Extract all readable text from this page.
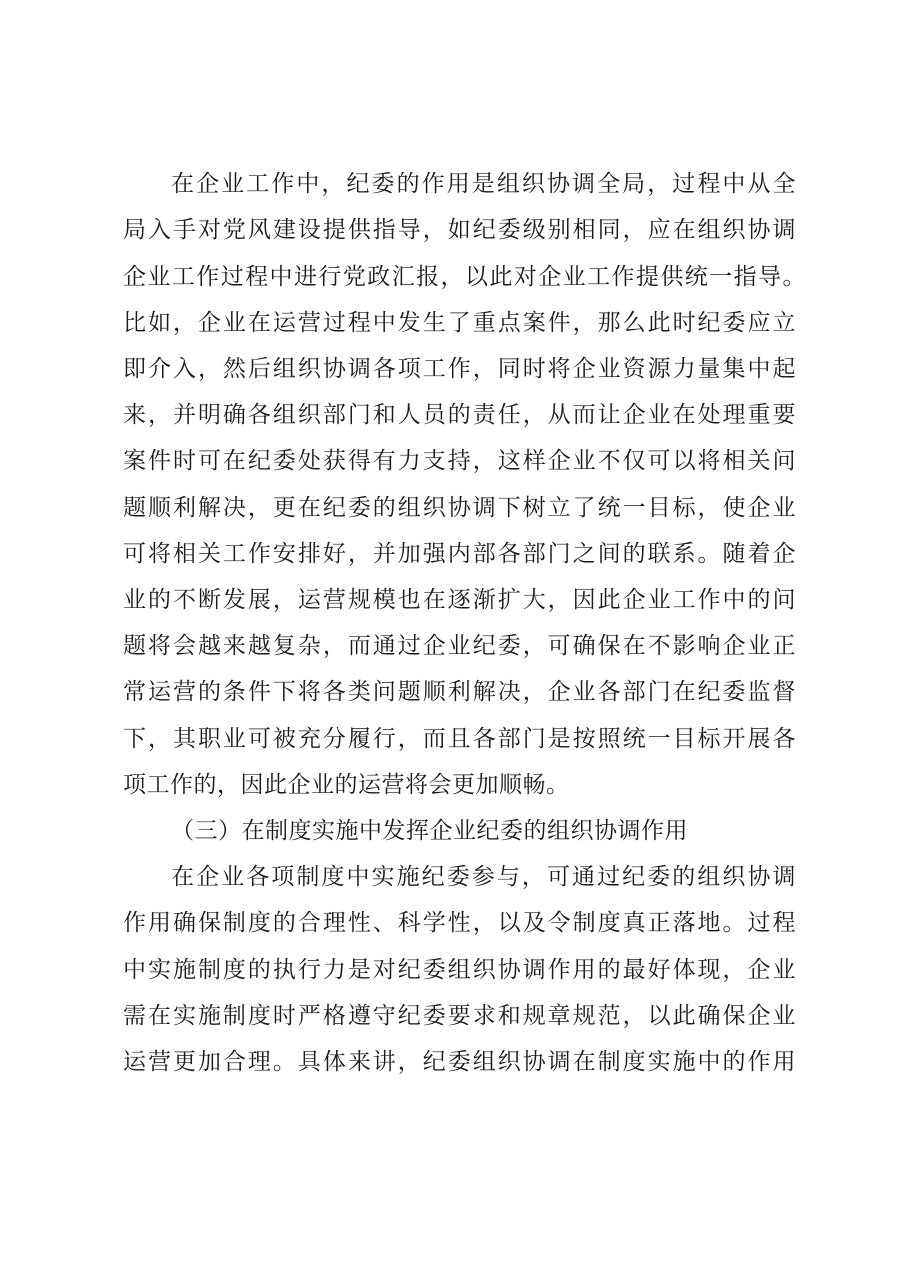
在企业工作中，纪委的作用是组织协调全局，过程中从全
局入手对党风建设提供指导，如纪委级别相同，应在组织协调
企业工作过程中进行党政汇报，以此对企业工作提供统一指导。
比如，企业在运营过程中发生了重点案件，那么此时纪委应立
即介入，然后组织协调各项工作，同时将企业资源力量集中起
来，并明确各组织部门和人员的责任，从而让企业在处理重要
案件时可在纪委处获得有力支持，这样企业不仅可以将相关问
题顺利解决，更在纪委的组织协调下树立了统一目标，使企业
可将相关工作安排好，并加强内部各部门之间的联系。随着企
业的不断发展，运营规模也在逐渐扩大，因此企业工作中的问
题将会越来越复杂，而通过企业纪委，可确保在不影响企业正
常运营的条件下将各类问题顺利解决，企业各部门在纪委监督
下，其职业可被充分履行，而且各部门是按照统一目标开展各
项工作的，因此企业的运营将会更加顺畅。
（三）在制度实施中发挥企业纪委的组织协调作用
在企业各项制度中实施纪委参与，可通过纪委的组织协调
作用确保制度的合理性、科学性，以及令制度真正落地。过程
中实施制度的执行力是对纪委组织协调作用的最好体现，企业
需在实施制度时严格遵守纪委要求和规章规范，以此确保企业
运营更加合理。具体来讲，纪委组织协调在制度实施中的作用
